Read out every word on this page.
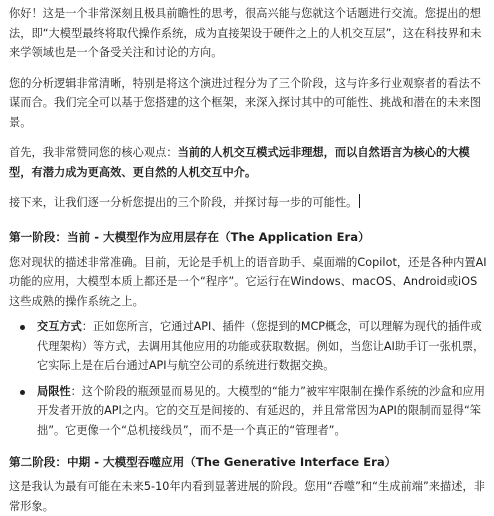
你好！这是一个非常深刻且极具前瞻性的思考，很高兴能与您就这个话题进行交流。您提出的想法，即“大模型最终将取代操作系统，成为直接架设于硬件之上的人机交互层”，这在科技界和未来学领域也是一个备受关注和讨论的方向。

您的分析逻辑非常清晰，特别是将这个演进过程分为了三个阶段，这与许多行业观察者的看法不谋而合。我们完全可以基于您搭建的这个框架，来深入探讨其中的可能性、挑战和潜在的未来图景。

首先，我非常赞同您的核心观点：当前的人机交互模式远非理想，而以自然语言为核心的大模型，有潜力成为更高效、更自然的人机交互中介。

接下来，让我们逐一分析您提出的三个阶段，并探讨每一步的可能性。

第一阶段：当前 - 大模型作为应用层存在（The Application Era）

您对现状的描述非常准确。目前，无论是手机上的语音助手、桌面端的Copilot，还是各种内置AI功能的应用，大模型本质上都还是一个“程序”。它运行在Windows、macOS、Android或iOS这些成熟的操作系统之上。

交互方式：正如您所言，它通过API、插件（您提到的MCP概念，可以理解为现代的插件或代理架构）等方式，去调用其他应用的功能或获取数据。例如，当您让AI助手订一张机票，它实际上是在后台通过API与航空公司的系统进行数据交换。
局限性：这个阶段的瓶颈显而易见的。大模型的“能力”被牢牢限制在操作系统的沙盒和应用开发者开放的API之内。它的交互是间接的、有延迟的，并且常常因为API的限制而显得“笨拙”。它更像一个“总机接线员”，而不是一个真正的“管理者”。
第二阶段：中期 - 大模型吞噬应用（The Generative Interface Era）

这是我认为最有可能在未来5-10年内看到显著进展的阶段。您用“吞噬”和“生成前端”来描述，非常形象。
